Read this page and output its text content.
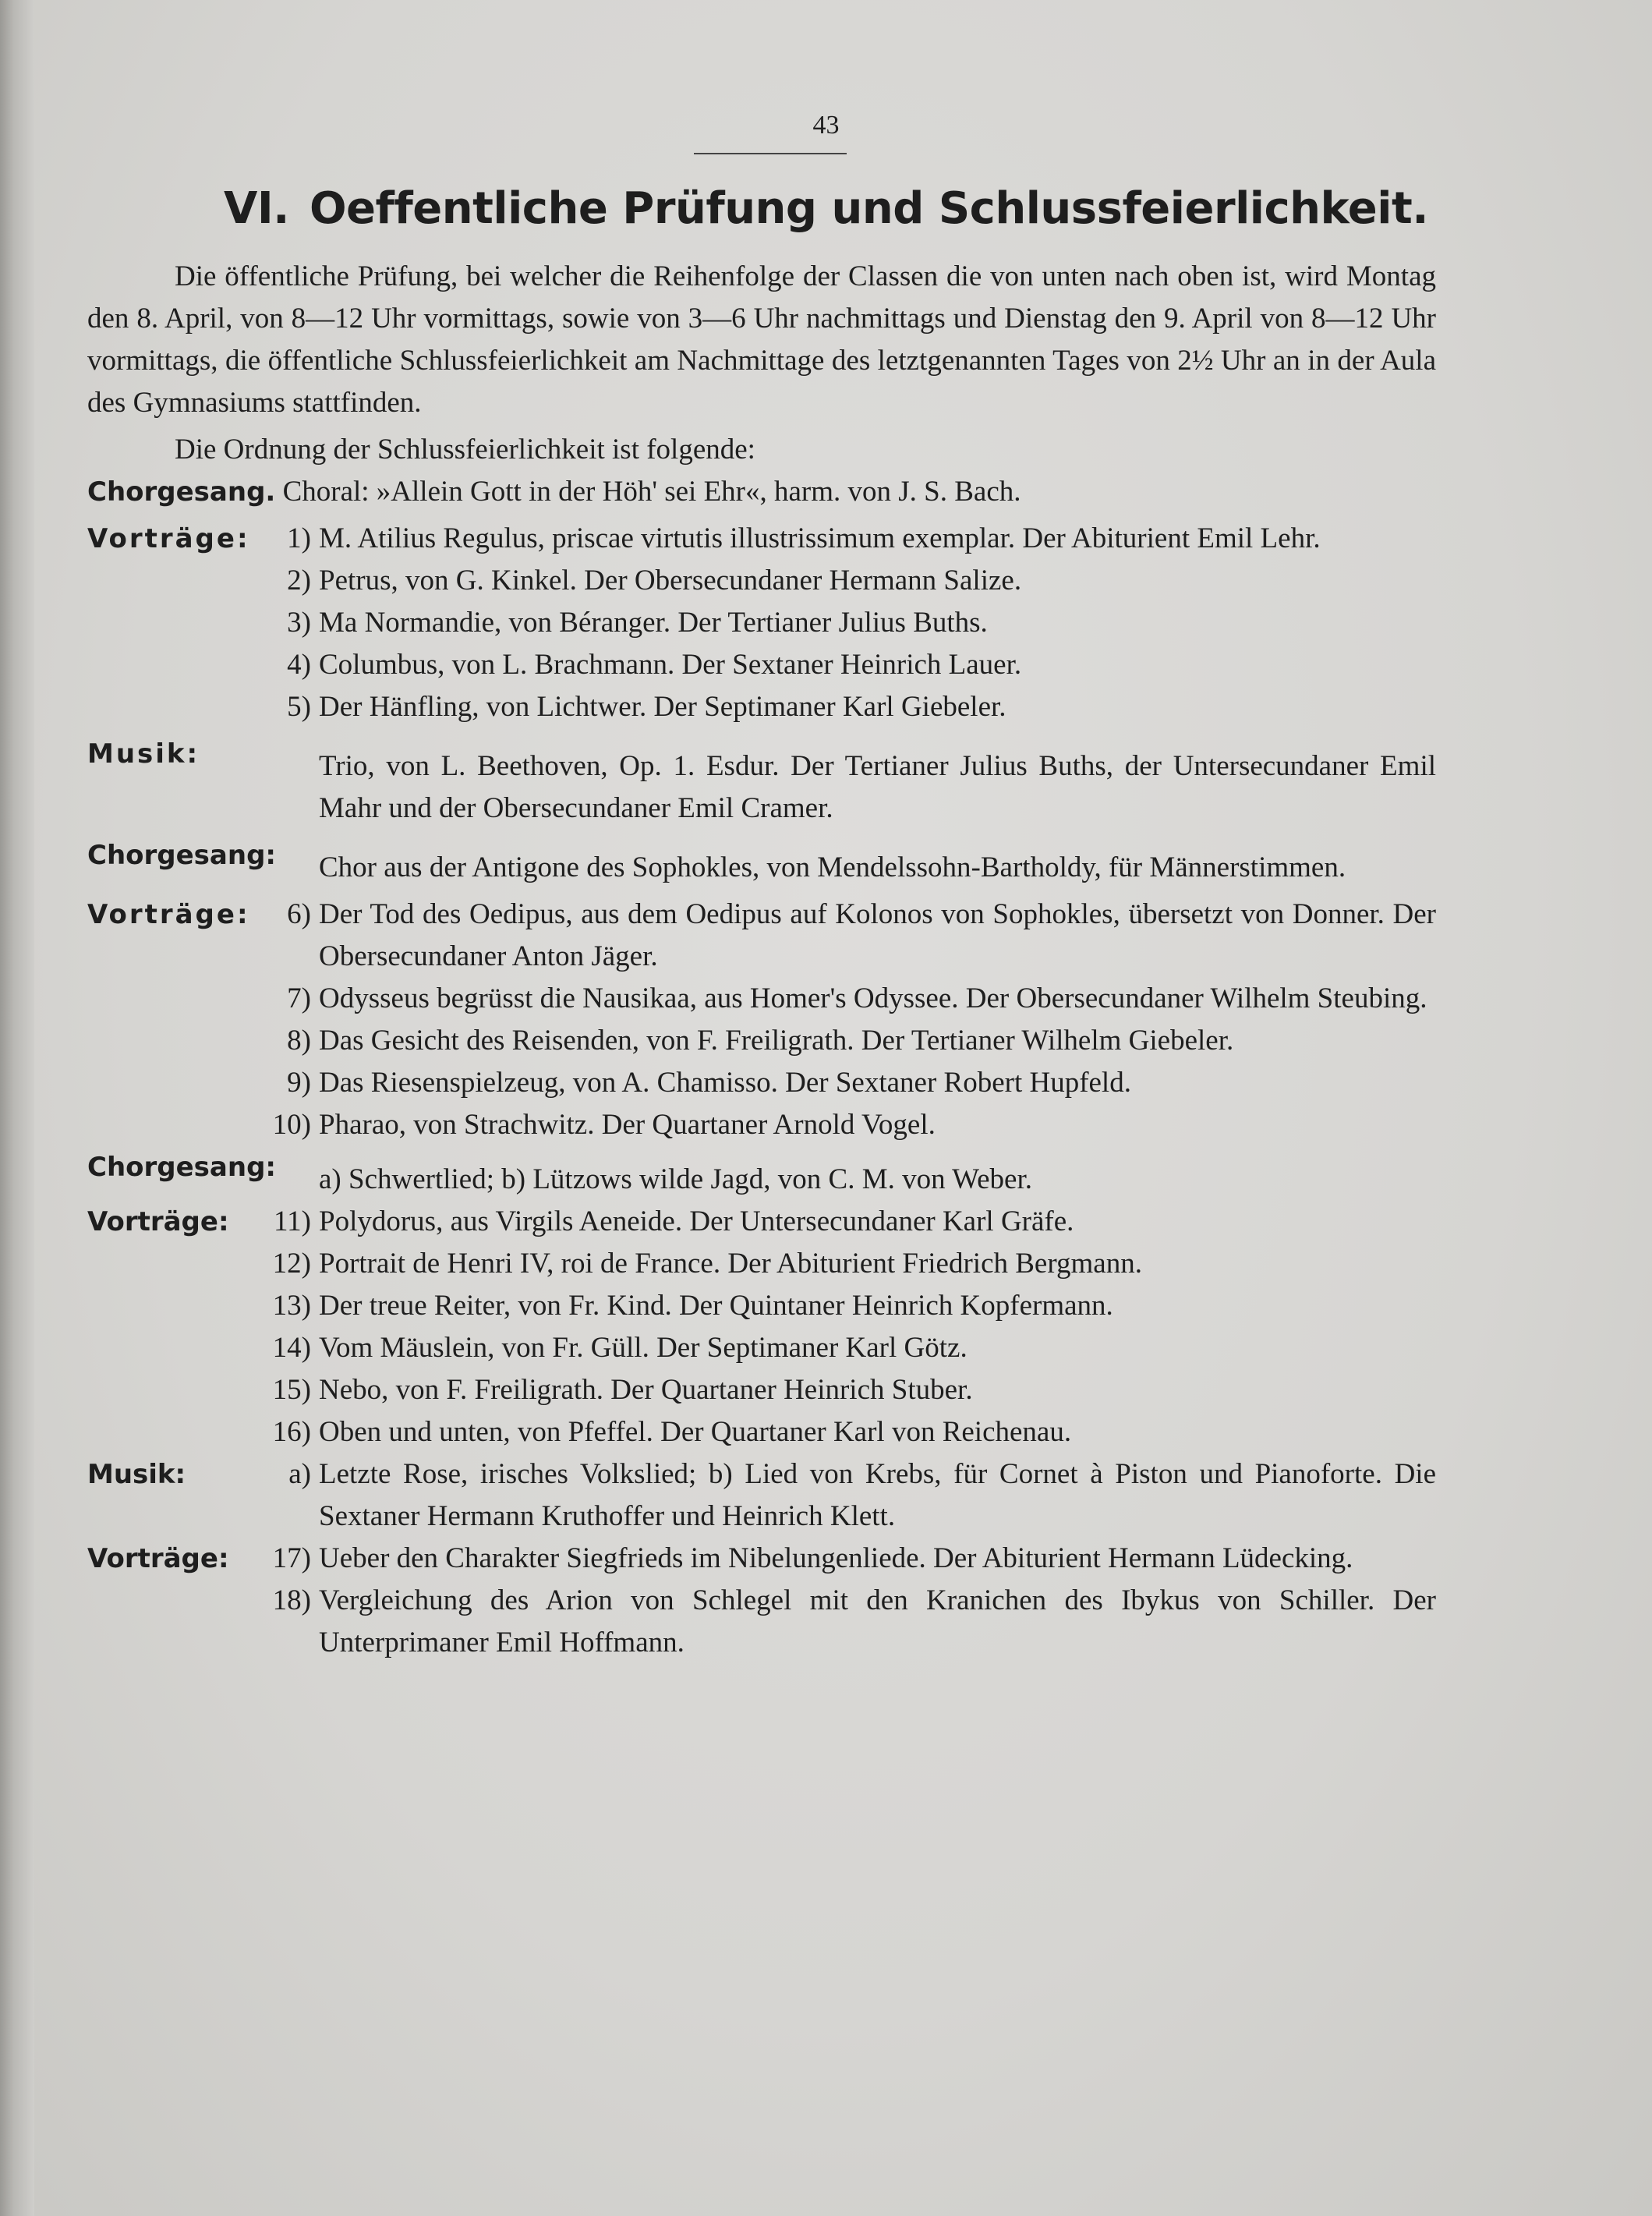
43
VI. Oeffentliche Prüfung und Schlussfeierlichkeit.
Die öffentliche Prüfung, bei welcher die Reihenfolge der Classen die von unten nach oben ist, wird Montag den 8. April, von 8—12 Uhr vormittags, sowie von 3—6 Uhr nachmittags und Dienstag den 9. April von 8—12 Uhr vormittags, die öffentliche Schlussfeierlichkeit am Nachmittage des letztgenannten Tages von 2½ Uhr an in der Aula des Gymnasiums stattfinden.
Die Ordnung der Schlussfeierlichkeit ist folgende:
Chorgesang. Choral: »Allein Gott in der Höh' sei Ehr«, harm. von J. S. Bach.
Vorträge: 1) M. Atilius Regulus, priscae virtutis illustrissimum exemplar. Der Abiturient Emil Lehr.
2) Petrus, von G. Kinkel. Der Obersecundaner Hermann Salize.
3) Ma Normandie, von Béranger. Der Tertianer Julius Buths.
4) Columbus, von L. Brachmann. Der Sextaner Heinrich Lauer.
5) Der Hänfling, von Lichtwer. Der Septimaner Karl Giebeler.
Musik:	Trio, von L. Beethoven, Op. 1. Esdur. Der Tertianer Julius Buths, der Untersecundaner Emil Mahr und der Obersecundaner Emil Cramer.
Chorgesang: Chor aus der Antigone des Sophokles, von Mendelssohn-Bartholdy, für Männerstimmen.
Vorträge: 6) Der Tod des Oedipus, aus dem Oedipus auf Kolonos von Sophokles, übersetzt von Donner. Der Obersecundaner Anton Jäger.
7) Odysseus begrüsst die Nausikaa, aus Homer's Odyssee. Der Obersecundaner Wilhelm Steubing.
8) Das Gesicht des Reisenden, von F. Freiligrath. Der Tertianer Wilhelm Giebeler.
9) Das Riesenspielzeug, von A. Chamisso. Der Sextaner Robert Hupfeld.
10) Pharao, von Strachwitz. Der Quartaner Arnold Vogel.
Chorgesang: a) Schwertlied; b) Lützows wilde Jagd, von C. M. von Weber.
Vorträge: 11) Polydorus, aus Virgils Aeneide. Der Untersecundaner Karl Gräfe.
12) Portrait de Henri IV, roi de France. Der Abiturient Friedrich Bergmann.
13) Der treue Reiter, von Fr. Kind. Der Quintaner Heinrich Kopfermann.
14) Vom Mäuslein, von Fr. Güll. Der Septimaner Karl Götz.
15) Nebo, von F. Freiligrath. Der Quartaner Heinrich Stuber.
16) Oben und unten, von Pfeffel. Der Quartaner Karl von Reichenau.
Musik:	a) Letzte Rose, irisches Volkslied; b) Lied von Krebs, für Cornet à Piston und Pianoforte. Die Sextaner Hermann Kruthoffer und Heinrich Klett.
Vorträge: 17) Ueber den Charakter Siegfrieds im Nibelungenliede. Der Abiturient Hermann Lüdecking.
18) Vergleichung des Arion von Schlegel mit den Kranichen des Ibykus von Schiller. Der Unterprimaner Emil Hoffmann.
